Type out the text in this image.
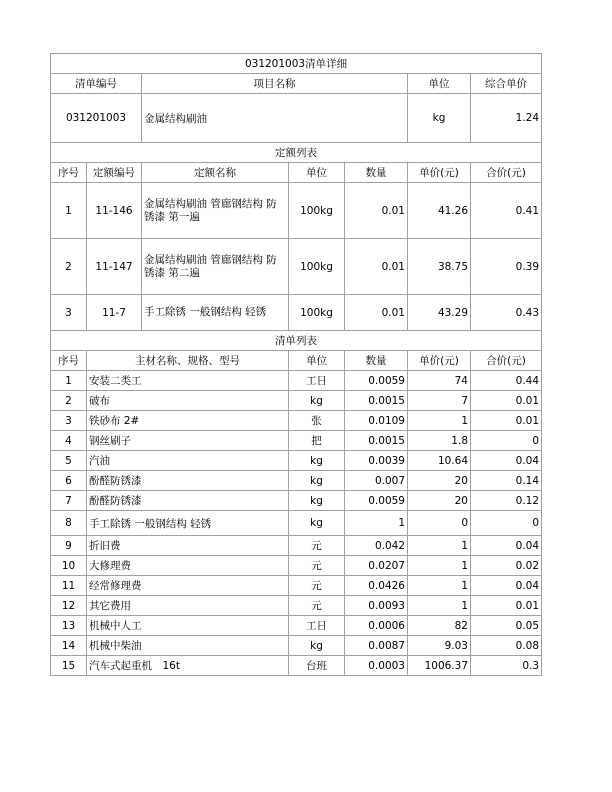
031201003清单详细						
清单编号		项目名称			单位	综合单价
031201003		金属结构刷油			kg	1.24
定额列表						
序号	定额编号	定额名称	单位	数量	单价(元)	合价(元)
1	11-146	金属结构刷油 管廊钢结构 防锈漆 第一遍	100kg	0.01	41.26	0.41
2	11-147	金属结构刷油 管廊钢结构 防锈漆 第二遍	100kg	0.01	38.75	0.39
3	11-7	手工除锈 一般钢结构 轻锈	100kg	0.01	43.29	0.43
清单列表						
序号	主材名称、规格、型号		单位	数量	单价(元)	合价(元)
1	安装二类工		工日	0.0059	74	0.44
2	破布		kg	0.0015	7	0.01
3	铁砂布 2#		张	0.0109	1	0.01
4	钢丝刷子		把	0.0015	1.8	0
5	汽油		kg	0.0039	10.64	0.04
6	酚醛防锈漆		kg	0.007	20	0.14
7	酚醛防锈漆		kg	0.0059	20	0.12
8	手工除锈 一般钢结构 轻锈		kg	1	0	0
9	折旧费		元	0.042	1	0.04
10	大修理费		元	0.0207	1	0.02
11	经常修理费		元	0.0426	1	0.04
12	其它费用		元	0.0093	1	0.01
13	机械中人工		工日	0.0006	82	0.05
14	机械中柴油		kg	0.0087	9.03	0.08
15	汽车式起重机　16t		台班	0.0003	1006.37	0.3
